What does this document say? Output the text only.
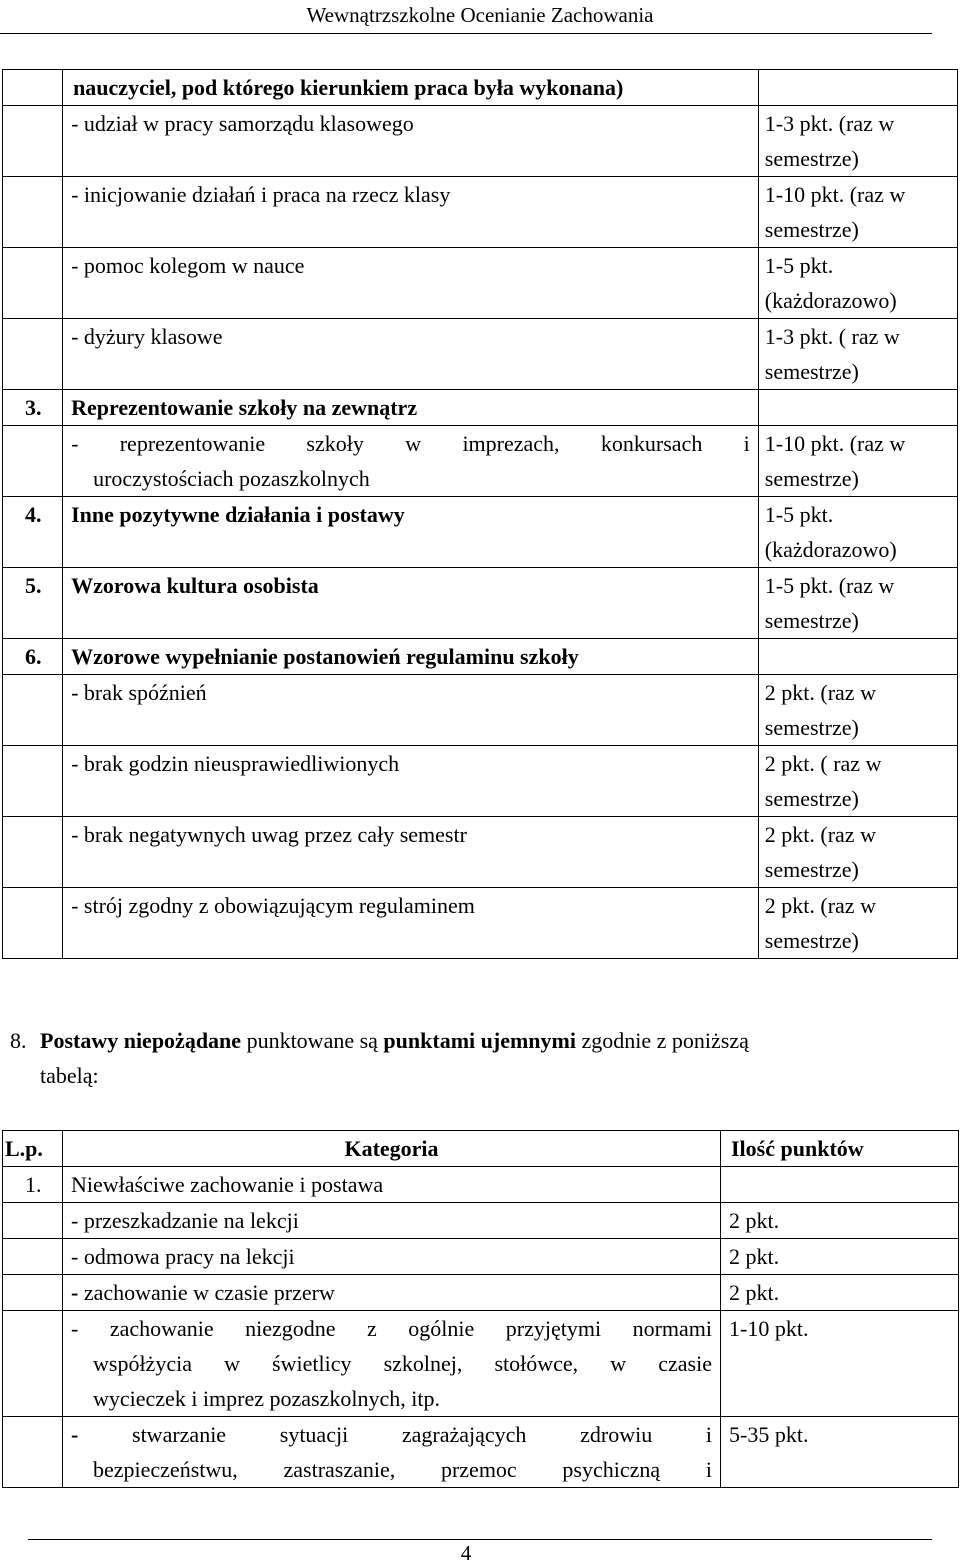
Wewnątrzszkolne Ocenianie Zachowania
	nauczyciel, pod którego kierunkiem praca była wykonana)	
	- udział w pracy samorządu klasowego	1-3 pkt. (raz w semestrze)
	- inicjowanie działań i praca na rzecz klasy	1-10 pkt. (raz w semestrze)
	- pomoc kolegom w nauce	1-5 pkt. (każdorazowo)
	- dyżury klasowe	1-3 pkt. ( raz w semestrze)
3.	Reprezentowanie szkoły na zewnątrz	

	- reprezentowanie szkoły w imprezach, konkursach i
uroczystościach pozaszkolnych	1-10 pkt. (raz w semestrze)
4.	Inne pozytywne działania i postawy	1-5 pkt. (każdorazowo)
5.	Wzorowa kultura osobista	1-5 pkt. (raz w semestrze)
6.	Wzorowe wypełnianie postanowień regulaminu szkoły	
	- brak spóźnień	2 pkt. (raz w semestrze)
	- brak godzin nieusprawiedliwionych	2 pkt. ( raz w semestrze)
	- brak negatywnych uwag przez cały semestr	2 pkt. (raz w semestrze)
	- strój zgodny z obowiązującym regulaminem	2 pkt. (raz w semestrze)
8. Postawy niepożądane punktowane są punktami ujemnymi zgodnie z poniższą
tabelą:
L.p.	Kategoria	Ilość punktów
1.	Niewłaściwe zachowanie i postawa	
	- przeszkadzanie na lekcji	2 pkt.
	- odmowa pracy na lekcji	2 pkt.
	- zachowanie w czasie przerw	2 pkt.

	- zachowanie niezgodne z ogólnie przyjętymi normami
współżycia w świetlicy szkolnej, stołówce, w czasie
wycieczek i imprez pozaszkolnych, itp.	1-10 pkt.

	- stwarzanie sytuacji zagrażających zdrowiu i
bezpieczeństwu, zastraszanie, przemoc psychiczną i	5-35 pkt.
4
